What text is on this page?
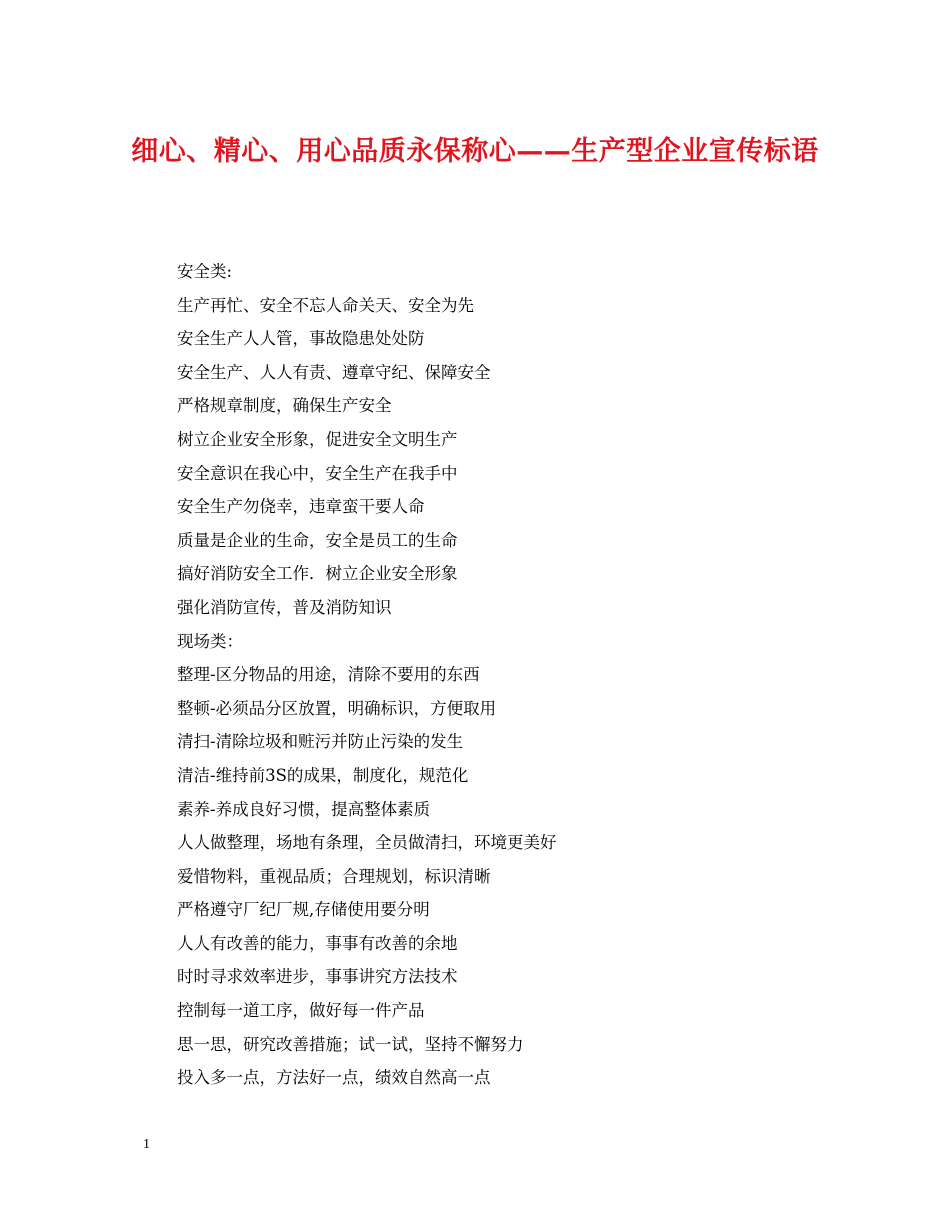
细心、精心、用心品质永保称心——生产型企业宣传标语
安全类:
生产再忙、安全不忘人命关天、安全为先
安全生产人人管，事故隐患处处防
安全生产、人人有责、遵章守纪、保障安全
严格规章制度，确保生产安全
树立企业安全形象，促进安全文明生产
安全意识在我心中，安全生产在我手中
安全生产勿侥幸，违章蛮干要人命
质量是企业的生命，安全是员工的生命
搞好消防安全工作．树立企业安全形象
强化消防宣传，普及消防知识
现场类：
整理-区分物品的用途，清除不要用的东西
整顿-必须品分区放置，明确标识，方便取用
清扫-清除垃圾和赃污并防止污染的发生
清洁-维持前3S的成果，制度化，规范化
素养-养成良好习惯，提高整体素质
人人做整理，场地有条理，全员做清扫，环境更美好
爱惜物料，重视品质；合理规划，标识清晰
严格遵守厂纪厂规,存储使用要分明
人人有改善的能力，事事有改善的余地
时时寻求效率进步，事事讲究方法技术
控制每一道工序，做好每一件产品
思一思，研究改善措施；试一试，坚持不懈努力
投入多一点，方法好一点，绩效自然高一点
1
